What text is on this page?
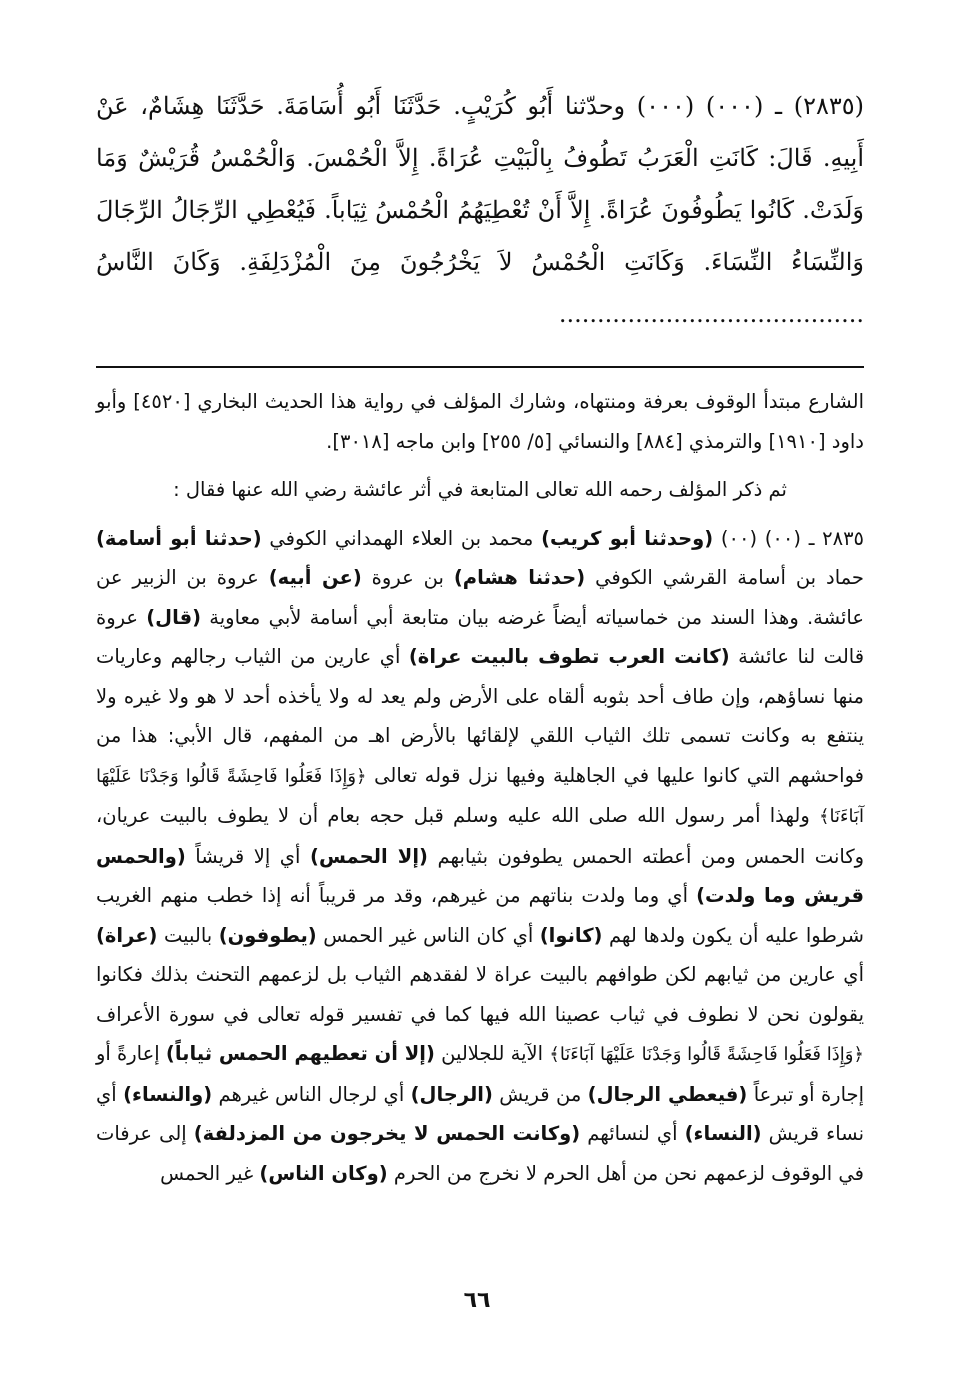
(٢٨٣٥) ـ (٠٠٠) (٠٠٠) وحدّثنا أَبُو كُرَيْبٍ. حَدَّثَنَا أَبُو أُسَامَةَ. حَدَّثَنَا هِشَامٌ، عَنْ أَبِيهِ. قَالَ: كَانَتِ الْعَرَبُ تَطُوفُ بِالْبَيْتِ عُرَاةً. إِلاَّ الْحُمْسَ. وَالْحُمْسُ قُرَيْشٌ وَمَا وَلَدَتْ. كَانُوا يَطُوفُونَ عُرَاةً. إِلاَّ أَنْ تُعْطِيَهُمُ الْحُمْسُ ثِيَاباً. فَيُعْطِي الرِّجَالُ الرِّجَالَ وَالنِّسَاءُ النِّسَاءَ. وَكَانَتِ الْحُمْسُ لاَ يَخْرُجُونَ مِنَ الْمُزْدَلِفَةِ. وَكَانَ النَّاسُ ........................................

الشارع مبتدأ الوقوف بعرفة ومنتهاه، وشارك المؤلف في رواية هذا الحديث البخاري [٤٥٢٠] وأبو داود [١٩١٠] والترمذي [٨٨٤] والنسائي [٥/ ٢٥٥] وابن ماجه [٣٠١٨].

ثم ذكر المؤلف رحمه الله تعالى المتابعة في أثر عائشة رضي الله عنها فقال :

٢٨٣٥ ـ (٠٠) (٠٠) (وحدثنا أبو كريب) محمد بن العلاء الهمداني الكوفي (حدثنا أبو أسامة) حماد بن أسامة القرشي الكوفي (حدثنا هشام) بن عروة (عن أبيه) عروة بن الزبير عن عائشة. وهذا السند من خماسياته أيضاً غرضه بيان متابعة أبي أسامة لأبي معاوية (قال) عروة قالت لنا عائشة (كانت العرب تطوف بالبيت عراة) أي عارين من الثياب رجالهم وعاريات منها نساؤهم، وإن طاف أحد بثوبه ألقاه على الأرض ولم يعد له ولا يأخذه أحد لا هو ولا غيره ولا ينتفع به وكانت تسمى تلك الثياب اللقي لإلقائها بالأرض اهـ من المفهم، قال الأبي: هذا من فواحشهم التي كانوا عليها في الجاهلية وفيها نزل قوله تعالى ﴿وَإِذَا فَعَلُوا فَاحِشَةً قَالُوا وَجَدْنَا عَلَيْهَا آبَاءَنَا﴾ ولهذا أمر رسول الله صلى الله عليه وسلم قبل حجه بعام أن لا يطوف بالبيت عريان، وكانت الحمس ومن أعطته الحمس يطوفون بثيابهم (إلا الحمس) أي إلا قريشاً (والحمس قريش وما ولدت) أي وما ولدت بناتهم من غيرهم، وقد مر قريباً أنه إذا خطب منهم الغريب شرطوا عليه أن يكون ولدها لهم (كانوا) أي كان الناس غير الحمس (يطوفون) بالبيت (عراة) أي عارين من ثيابهم لكن طوافهم بالبيت عراة لا لفقدهم الثياب بل لزعمهم التحنث بذلك فكانوا يقولون نحن لا نطوف في ثياب عصينا الله فيها كما في تفسير قوله تعالى في سورة الأعراف ﴿وَإِذَا فَعَلُوا فَاحِشَةً قَالُوا وَجَدْنَا عَلَيْهَا آبَاءَنَا﴾ الآية للجلالين (إلا أن تعطيهم الحمس ثياباً) إعارةً أو إجارة أو تبرعاً (فيعطي الرجال) من قريش (الرجال) أي لرجال الناس غيرهم (والنساء) أي نساء قريش (النساء) أي لنسائهم (وكانت الحمس لا يخرجون من المزدلفة) إلى عرفات في الوقوف لزعمهم نحن من أهل الحرم لا نخرج من الحرم (وكان الناس) غير الحمس

٦٦
